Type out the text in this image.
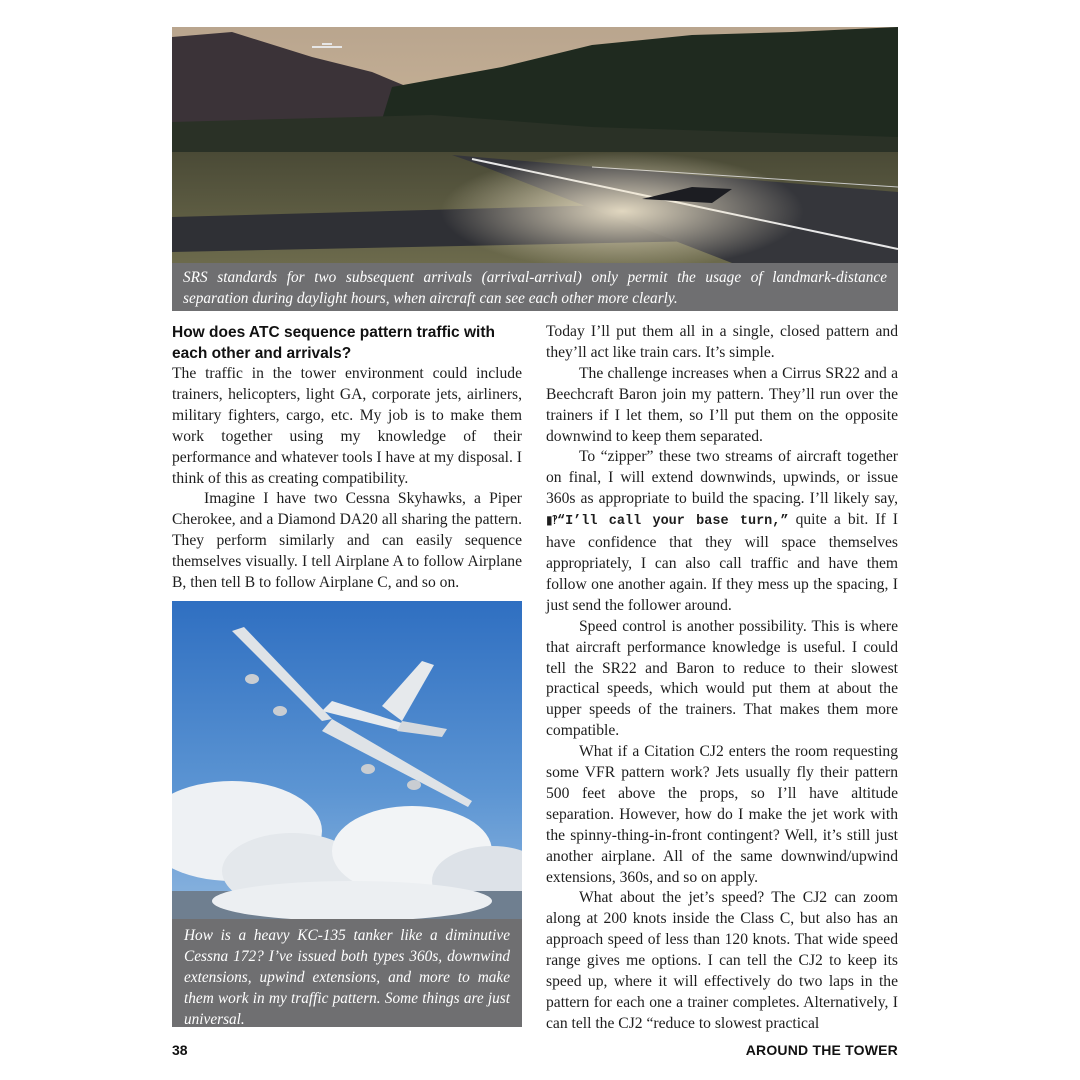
SRS standards for two subsequent arrivals (arrival-arrival) only permit the usage of landmark-distance
separation during daylight hours, when aircraft can see each other more clearly.
How does ATC sequence pattern traffic with each other and arrivals?

The traffic in the tower environment could include trainers, helicopters, light GA, corporate jets, airliners, military fighters, cargo, etc. My job is to make them work together using my knowledge of their performance and whatever tools I have at my disposal. I think of this as creating compatibility.

Imagine I have two Cessna Skyhawks, a Piper Cherokee, and a Diamond DA20 all sharing the pattern. They perform similarly and can easily sequence themselves visually. I tell Airplane A to follow Airplane B, then tell B to follow Airplane C, and so on.

How is a heavy KC-135 tanker like a diminutive Cessna 172? I’ve issued both types 360s, downwind extensions, upwind extensions, and more to make them work in my traffic pattern. Some things are just universal.

Today I’ll put them all in a single, closed pattern and they’ll act like train cars. It’s simple.

The challenge increases when a Cirrus SR22 and a Beechcraft Baron join my pattern. They’ll run over the trainers if I let them, so I’ll put them on the opposite downwind to keep them separated.

To “zipper” these two streams of aircraft together on final, I will extend downwinds, upwinds, or issue 360s as appropriate to build the spacing. I’ll likely say, ▮‽“I’ll call your base turn,” quite a bit. If I have confidence that they will space themselves appropriately, I can also call traffic and have them follow one another again. If they mess up the spacing, I just send the follower around.

Speed control is another possibility. This is where that aircraft performance knowledge is useful. I could tell the SR22 and Baron to reduce to their slowest practical speeds, which would put them at about the upper speeds of the trainers. That makes them more compatible.

What if a Citation CJ2 enters the room requesting some VFR pattern work? Jets usually fly their pattern 500 feet above the props, so I’ll have altitude separation. However, how do I make the jet work with the spinny-thing-in-front contingent? Well, it’s still just another airplane. All of the same downwind/upwind extensions, 360s, and so on apply.

What about the jet’s speed? The CJ2 can zoom along at 200 knots inside the Class C, but also has an approach speed of less than 120 knots. That wide speed range gives me options. I can tell the CJ2 to keep its speed up, where it will effectively do two laps in the pattern for each one a trainer completes. Alternatively, I can tell the CJ2 “reduce to slowest practical

38	AROUND THE TOWER
